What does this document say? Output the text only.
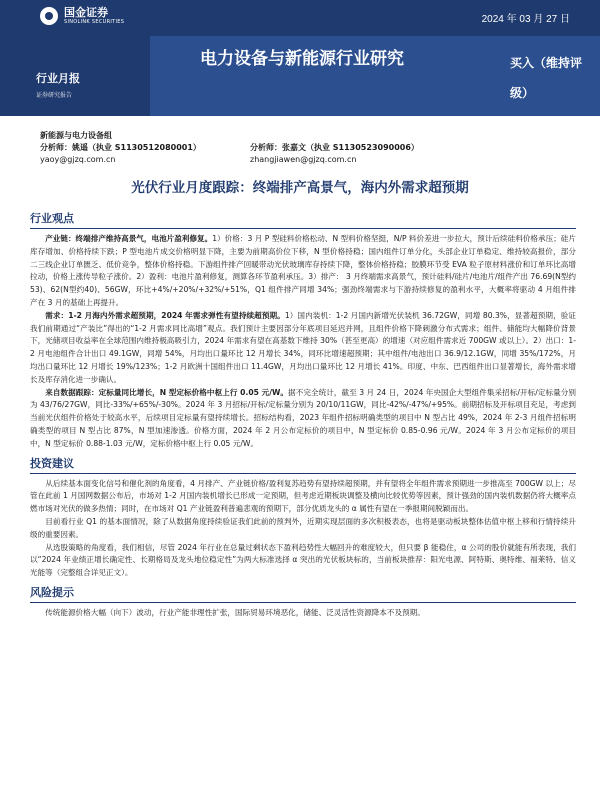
国金证券
SINOLINK SECURITIES	2024 年 03 月 27 日
行业月报
证券研究报告
电力设备与新能源行业研究	买入（维持评级）
新能源与电力设备组
分析师：姚遥（执业 S1130512080001）	分析师：张嘉文（执业 S1130523090006）
yaoy@gjzq.com.cn	zhangjiawen@gjzq.com.cn
光伏行业月度跟踪：终端排产高景气，海内外需求超预期
行业观点

产业链：终端排产维持高景气，电池片盈利修复。1）价格：3 月 P 型硅料价格松动、N 型料价格坚挺，N/P 料价差进一步拉大，预计后续硅料价格承压；硅片库存增加、价格持续下跌；P 型电池片成交价格明显下降，主要为前期高价位下移，N 型价格持稳；国内组件订单分化，头部企业订单稳定、维持较高报价，部分二三线企业订单匮乏、低价竞争，整体价格持稳。下游组件排产回暖带动光伏玻璃库存持续下降，整体价格持稳；胶膜环节受 EVA 粒子原材料涨价和订单环比高增拉动，价格上涨传导粒子涨价。2）盈利：电池片盈利修复，测算各环节盈利承压。3）排产： 3 月终端需求高景气，预计硅料/硅片/电池片/组件产出 76.69(N型约53)、62(N型约40)、56GW，环比+4%/+20%/+32%/+51%，Q1 组件排产同增 34%；强劲终端需求与下游持续修复的盈利水平，大概率将驱动 4 月组件排产在 3 月的基础上再提升。

需求：1-2 月海内外需求超预期，2024 年需求弹性有望持续超预期。1）国内装机：1-2 月国内新增光伏装机 36.72GW，同增 80.3%，显著超预期，验证我们前期通过“产装比”得出的“1-2 月需求同比高增”观点。我们预计主要因部分年底项目延迟并网，且组件价格下降刺激分布式需求；组件、储能均大幅降价背景下，光储项目收益率在全球范围内维持极高吸引力，2024 年需求有望在高基数下维持 30%（甚至更高）的增速（对应组件需求近 700GW 或以上）。2）出口：1-2 月电池组件合计出口 49.1GW，同增 54%，月均出口量环比 12 月增长 34%，同环比增速超预期；其中组件/电池出口 36.9/12.1GW，同增 35%/172%，月均出口量环比 12 月增长 19%/123%；1-2 月欧洲十国组件出口 11.4GW，月均出口量环比 12 月增长 41%。印度、中东、巴西组件出口显著增长，海外需求增长及库存消化进一步确认。

来自数据跟踪：定标量同比增长，N 型定标价格中枢上行 0.05 元/W。据不完全统计，截至 3 月 24 日，2024 年央国企大型组件集采招标/开标/定标量分别为 43/76/27GW，同比-33%/+65%/-30%。2024 年 3 月招标/开标/定标量分别为 20/10/11GW，同比-42%/-47%/+95%。前期招标及开标项目充足，考虑到当前光伏组件价格处于较高水平，后续项目定标量有望持续增长。招标结构看，2023 年组件招标明确类型的项目中 N 型占比 49%，2024 年 2-3 月组件招标明确类型的项目 N 型占比 87%，N 型加速渗透。价格方面，2024 年 2 月公布定标价的项目中，N 型定标价 0.85-0.96 元/W。2024 年 3 月公布定标价的项目中，N 型定标价 0.88-1.03 元/W，定标价格中枢上行 0.05 元/W。

投资建议

从后续基本面变化信号和催化剂的角度看，4 月排产、产业链价格/盈利复苏趋势有望持续超预期，并有望将全年组件需求预期进一步推高至 700GW 以上；尽管在此前 1 月国网数据公布后，市场对 1-2 月国内装机增长已形成一定预期，但考虑近期板块调整及横向比较优势等因素，预计强劲的国内装机数据仍将大概率点燃市场对光伏的做多热情；同时，在市场对 Q1 产业链盈利普遍悲观的预期下，部分优质龙头的 α 属性有望在一季报期间脱颖而出。

目前看行业 Q1 的基本面情况，除了从数据角度持续验证我们此前的预判外，近期实现层面的多次积极表态，也将是驱动板块整体估值中枢上移和行情持续升级的重要因素。

从选股策略的角度看，我们相信，尽管 2024 年行业在总量过剩状态下盈利趋势性大幅回升的难度较大，但只要 β 能稳住，α 公司的股价就能有所表现，我们以“2024 年业绩正增长确定性、长期格局及龙头地位稳定性”为两大标准选择 α 突出的光伏板块标的，当前板块推荐：阳光电源、阿特斯、奥特维、福莱特、信义光能等（完整组合详见正文）。

风险提示

传统能源价格大幅（向下）波动，行业产能非理性扩张，国际贸易环境恶化，储能、泛灵活性资源降本不及预期。
